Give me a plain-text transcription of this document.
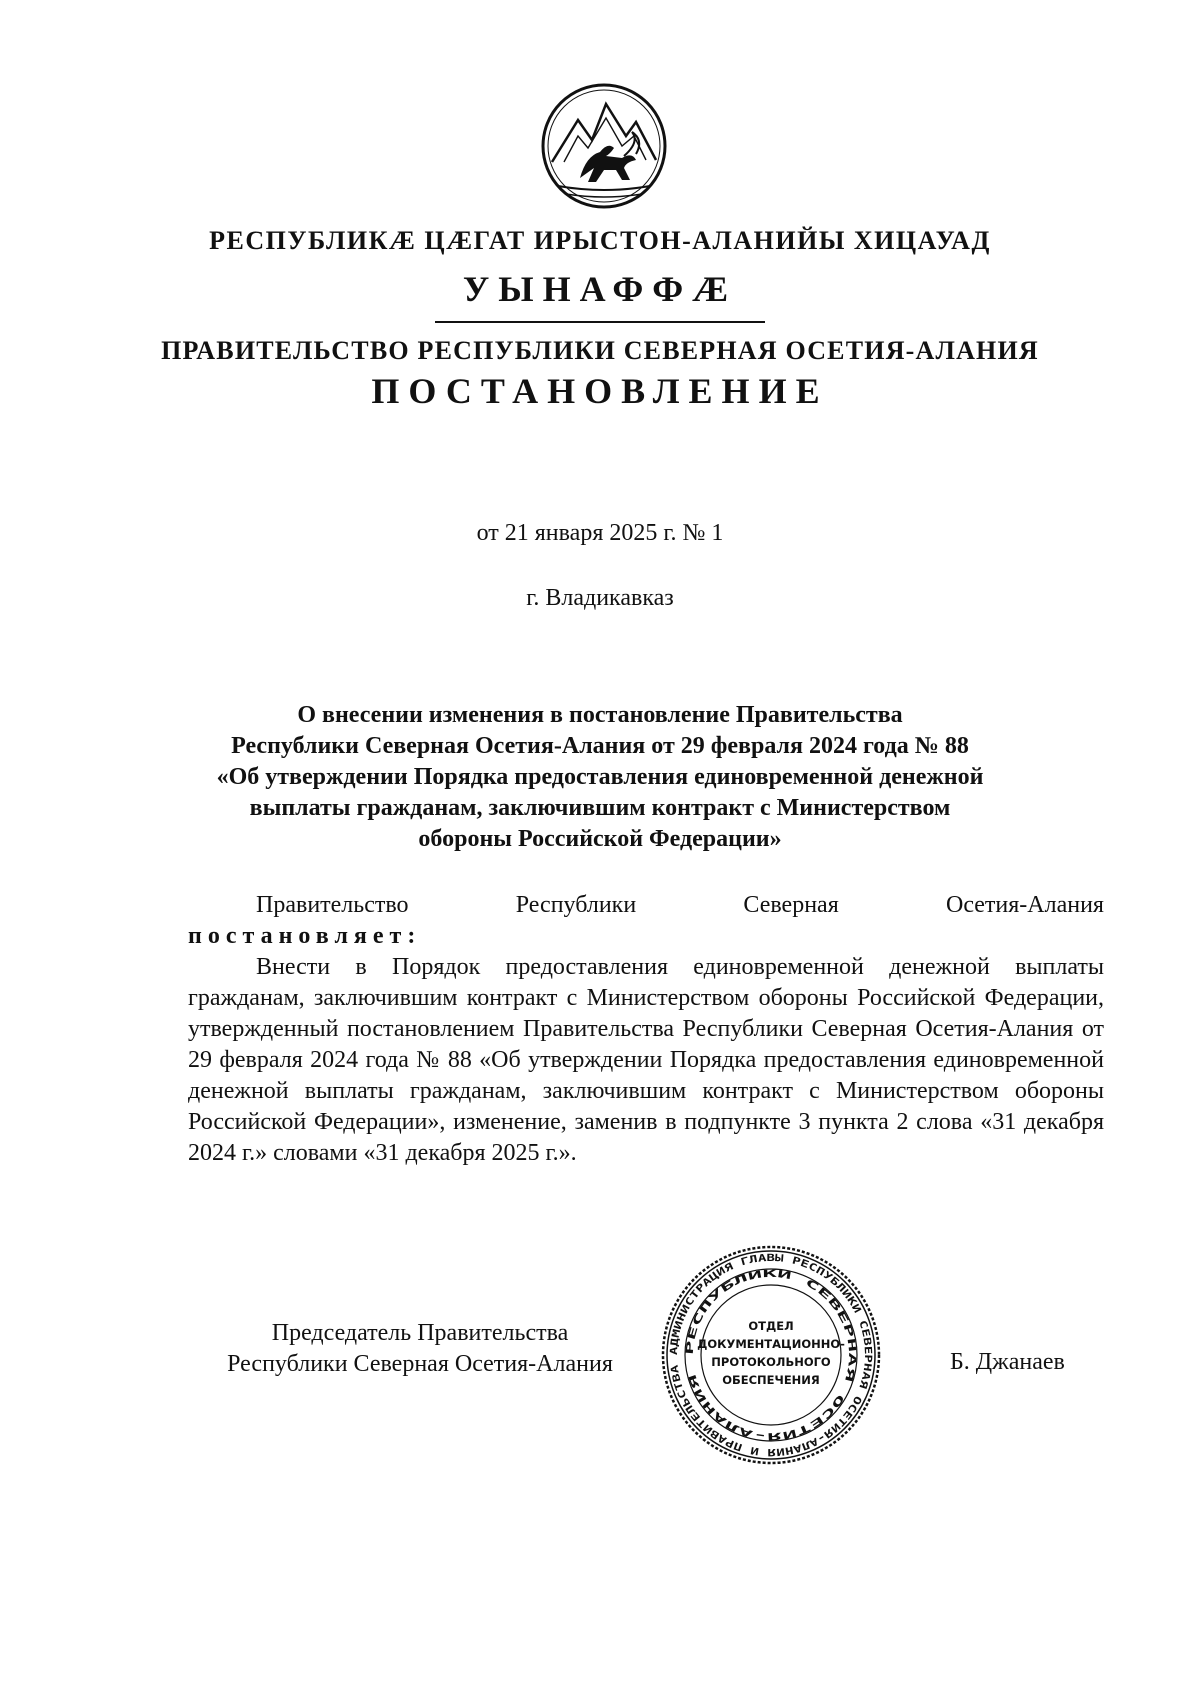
РЕСПУБЛИКӔ ЦӔГАТ ИРЫСТОН-АЛАНИЙЫ ХИЦАУАД
УЫНАФФӔ
ПРАВИТЕЛЬСТВО РЕСПУБЛИКИ СЕВЕРНАЯ ОСЕТИЯ-АЛАНИЯ
ПОСТАНОВЛЕНИЕ
от 21 января 2025 г. № 1
г. Владикавказ
О внесении изменения в постановление Правительства
Республики Северная Осетия-Алания от 29 февраля 2024 года № 88
«Об утверждении Порядка предоставления единовременной денежной
выплаты гражданам, заключившим контракт с Министерством
обороны Российской Федерации»
Правительство	Республики	Северная	Осетия-Алания
постановляет:
Внести в Порядок предоставления единовременной денежной выплаты гражданам, заключившим контракт с Министерством обороны Российской Федерации, утвержденный постановлением Правительства Республики Северная Осетия-Алания от 29 февраля 2024 года № 88 «Об утверждении Порядка предоставления единовременной денежной выплаты гражданам, заключившим контракт с Министерством обороны Российской Федерации», изменение, заменив в подпункте 3 пункта 2 слова «31 декабря 2024 г.» словами «31 декабря 2025 г.».
Председатель Правительства
Республики Северная Осетия-Алания	Б. Джанаев
АДМИНИСТРАЦИЯ ГЛАВЫ РЕСПУБЛИКИ СЕВЕРНАЯ ОСЕТИЯ-АЛАНИЯ И ПРАВИТЕЛЬСТВА
РЕСПУБЛИКИ СЕВЕРНАЯ ОСЕТИЯ-АЛАНИЯ
ОТДЕЛ
ДОКУМЕНТАЦИОННО-
ПРОТОКОЛЬНОГО
ОБЕСПЕЧЕНИЯ
